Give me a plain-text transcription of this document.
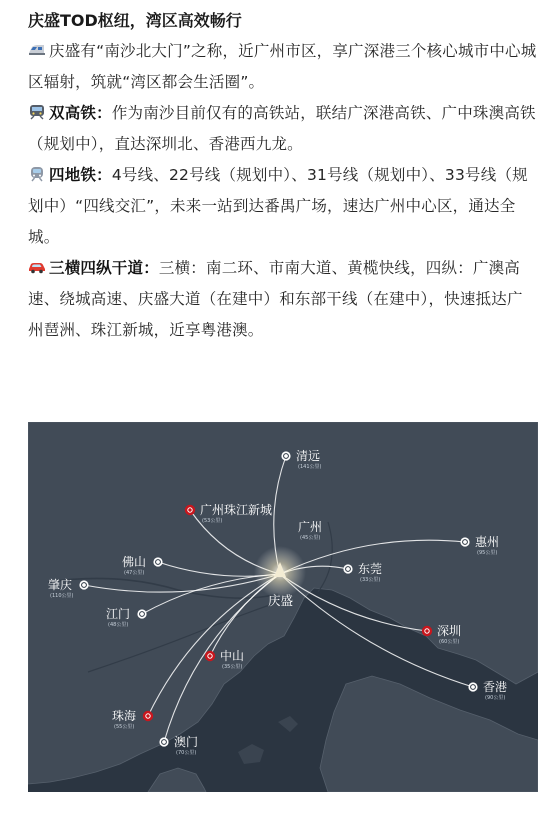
庆盛TOD枢纽，湾区高效畅行

庆盛有“南沙北大门”之称，近广州市区，享广深港三个核心城市中心城区辐射，筑就“湾区都会生活圈”。

双高铁：作为南沙目前仅有的高铁站，联结广深港高铁、广中珠澳高铁（规划中），直达深圳北、香港西九龙。

四地铁：4号线、22号线（规划中）、31号线（规划中）、33号线（规划中）“四线交汇”，未来一站到达番禺广场，速达广州中心区，通达全城。

三横四纵干道：三横：南二环、市南大道、黄榄快线，四纵：广澳高速、绕城高速、庆盛大道（在建中）和东部干线（在建中），快速抵达广州琶洲、珠江新城，近享粤港澳。

清远
(141公里)
广州珠江新城
(53公里)	广州
(45公里)	惠州
(95公里)
佛山
(47公里)	东莞
(33公里)
肇庆
(110公里)
江门
(48公里)	深圳
(60公里)
中山
(35公里)
香港
(90公里)
珠海
(55公里)
澳门
(70公里)
庆盛
